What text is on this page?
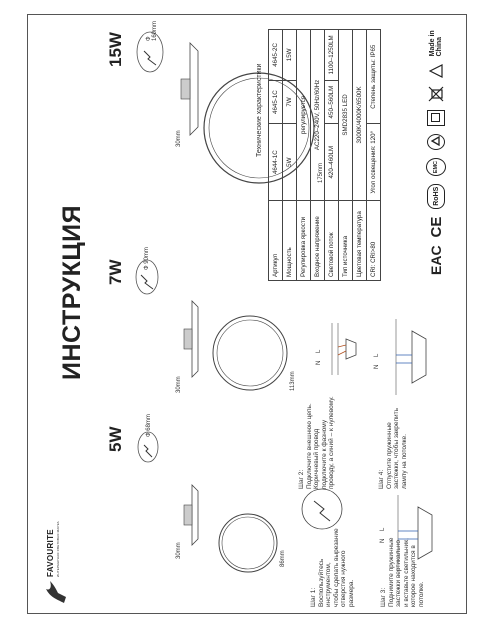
FAVOURITE ИНТЕРЬЕРНАЯ СВЕТОВАЯ МАРКА
ИНСТРУКЦИЯ
5W
7W
15W
Ф 68mm
Ф 90mm
Ф 160mm
30mm
30mm
30mm
86mm
113mm
175mm
Шаг 1:
Воспользуйтесь
инструментом,
чтобы сделать вырезание
отверстия нужного
размера.
Шаг 2:
Подключите внешнюю цепь.
Коричневый провод
подключите к фазному
проводу, а синий – к нулевому.
N
L
Шаг 3:
Поднимите пружинные
застежки вертикально
и вставьте светильник,
которое находится в
потолке.
N
L
Шаг 4:
Отпустите пружинные
застежки, чтобы закрепить
лампу на потолке.
N
L
Технические характеристики
Артикул	4644-1C	4645-1C	4645-2C
Мощность	5W	7W	15W
Регулировка яркости	регулируется		
Входное напряжение	AC220–240V, 50Hz/60Hz		
Световой поток	420–460LM	450–560LM	1100–1250LM
Тип источника	SMD2835 LED		
Цветовая температура	3000K/4000K/6500K		
CRI: CRI>80	Угол освещения: 120°	Степень защиты: IP65	
EAC
CE
RoHS
EMC
Made in China
